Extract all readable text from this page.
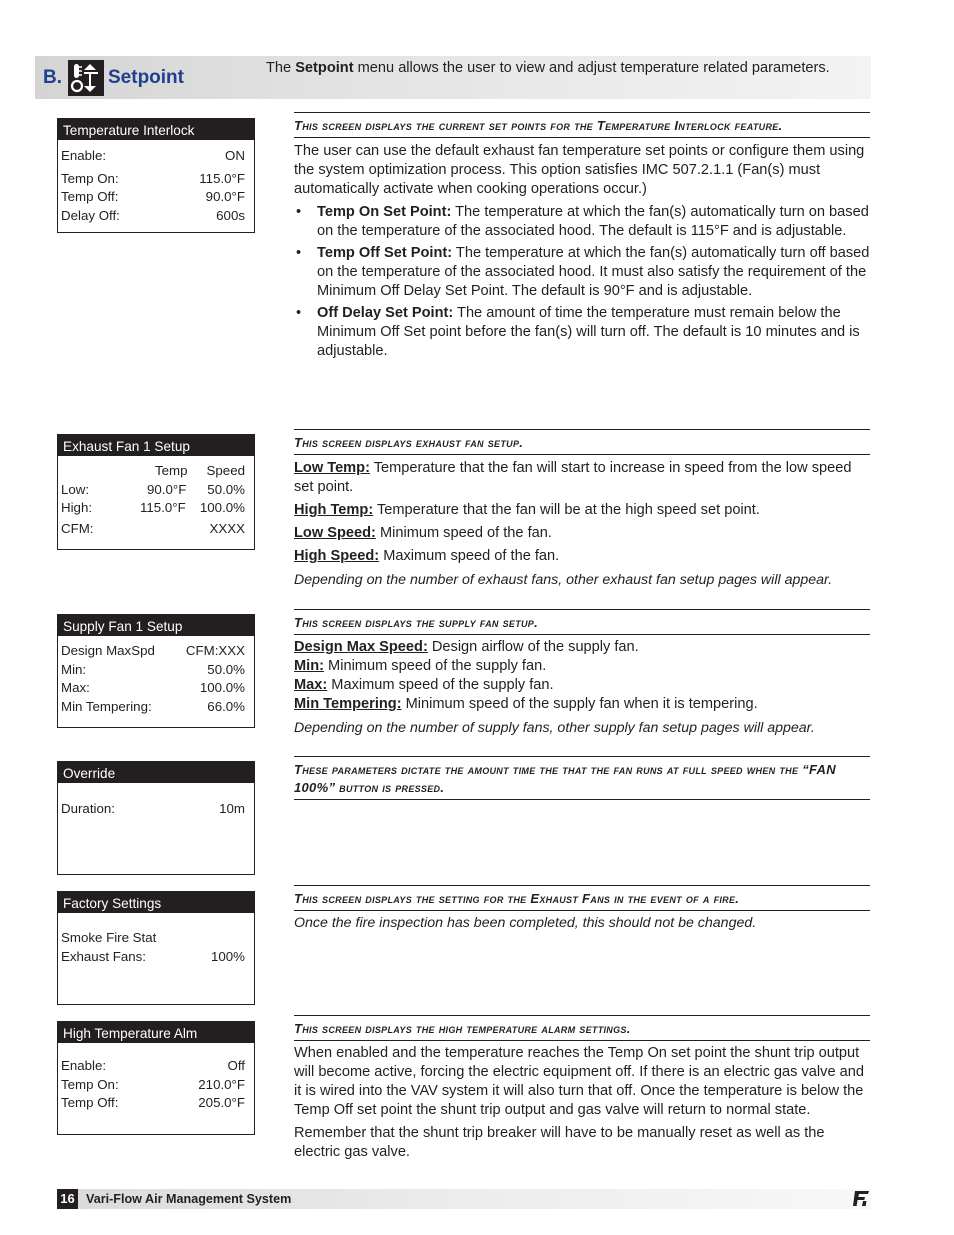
B. Setpoint	The Setpoint menu allows the user to view and adjust temperature related parameters.
Temperature Interlock
Enable:	ON
Temp On:	115.0°F
Temp Off:	90.0°F
Delay Off:	600s
This screen displays the current set points for the Temperature Interlock feature.
The user can use the default exhaust fan temperature set points or configure them using the system optimization process. This option satisfies IMC 507.2.1.1 (Fan(s) must automatically activate when cooking operations occur.)
• Temp On Set Point: The temperature at which the fan(s) automatically turn on based on the temperature of the associated hood. The default is 115°F and is adjustable.
• Temp Off Set Point: The temperature at which the fan(s) automatically turn off based on the temperature of the associated hood. It must also satisfy the requirement of the Minimum Off Delay Set Point. The default is 90°F and is adjustable.
• Off Delay Set Point: The amount of time the temperature must remain below the Minimum Off Set point before the fan(s) will turn off. The default is 10 minutes and is adjustable.
Exhaust Fan 1 Setup
Temp Speed
Low:	90.0°F 50.0%
High:	115.0°F 100.0%
CFM:	XXXX
This screen displays exhaust fan setup.
Low Temp: Temperature that the fan will start to increase in speed from the low speed set point.
High Temp: Temperature that the fan will be at the high speed set point.
Low Speed: Minimum speed of the fan.
High Speed: Maximum speed of the fan.
Depending on the number of exhaust fans, other exhaust fan setup pages will appear.
Supply Fan 1 Setup
Design MaxSpd CFM:XXX
Min:	50.0%
Max:	100.0%
Min Tempering:	66.0%
This screen displays the supply fan setup.
Design Max Speed: Design airflow of the supply fan.
Min: Minimum speed of the supply fan.
Max: Maximum speed of the supply fan.
Min Tempering: Minimum speed of the supply fan when it is tempering.
Depending on the number of supply fans, other supply fan setup pages will appear.
Override
Duration:	10m
These parameters dictate the amount time the that the fan runs at full speed when the “FAN 100%” button is pressed.
Factory Settings
Smoke Fire Stat
Exhaust Fans:	100%
This screen displays the setting for the Exhaust Fans in the event of a fire.
Once the fire inspection has been completed, this should not be changed.
High Temperature Alm
Enable:	Off
Temp On:	210.0°F
Temp Off:	205.0°F
This screen displays the high temperature alarm settings.
When enabled and the temperature reaches the Temp On set point the shunt trip output will become active, forcing the electric equipment off. If there is an electric gas valve and it is wired into the VAV system it will also turn that off. Once the temperature is below the Temp Off set point the shunt trip output and gas valve will return to normal state.
Remember that the shunt trip breaker will have to be manually reset as well as the electric gas valve.
16 Vari-Flow Air Management System
